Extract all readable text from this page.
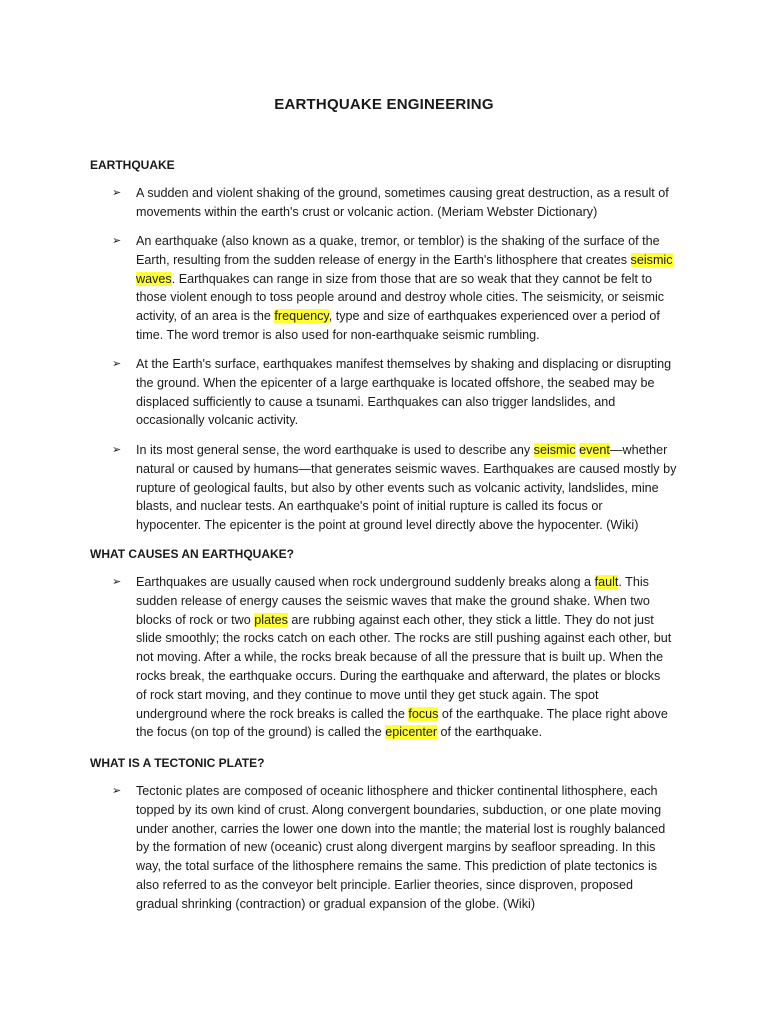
EARTHQUAKE ENGINEERING
EARTHQUAKE
➢ A sudden and violent shaking of the ground, sometimes causing great destruction, as a result of
movements within the earth's crust or volcanic action. (Meriam Webster Dictionary)
➢ An earthquake (also known as a quake, tremor, or temblor) is the shaking of the surface of the
Earth, resulting from the sudden release of energy in the Earth's lithosphere that creates seismic
waves. Earthquakes can range in size from those that are so weak that they cannot be felt to
those violent enough to toss people around and destroy whole cities. The seismicity, or seismic
activity, of an area is the frequency, type and size of earthquakes experienced over a period of
time. The word tremor is also used for non-earthquake seismic rumbling.
➢ At the Earth's surface, earthquakes manifest themselves by shaking and displacing or disrupting
the ground. When the epicenter of a large earthquake is located offshore, the seabed may be
displaced sufficiently to cause a tsunami. Earthquakes can also trigger landslides, and
occasionally volcanic activity.
➢ In its most general sense, the word earthquake is used to describe any seismic event—whether
natural or caused by humans—that generates seismic waves. Earthquakes are caused mostly by
rupture of geological faults, but also by other events such as volcanic activity, landslides, mine
blasts, and nuclear tests. An earthquake's point of initial rupture is called its focus or
hypocenter. The epicenter is the point at ground level directly above the hypocenter. (Wiki)
WHAT CAUSES AN EARTHQUAKE?
➢ Earthquakes are usually caused when rock underground suddenly breaks along a fault. This
sudden release of energy causes the seismic waves that make the ground shake. When two
blocks of rock or two plates are rubbing against each other, they stick a little. They do not just
slide smoothly; the rocks catch on each other. The rocks are still pushing against each other, but
not moving. After a while, the rocks break because of all the pressure that is built up. When the
rocks break, the earthquake occurs. During the earthquake and afterward, the plates or blocks
of rock start moving, and they continue to move until they get stuck again. The spot
underground where the rock breaks is called the focus of the earthquake. The place right above
the focus (on top of the ground) is called the epicenter of the earthquake.
WHAT IS A TECTONIC PLATE?
➢ Tectonic plates are composed of oceanic lithosphere and thicker continental lithosphere, each
topped by its own kind of crust. Along convergent boundaries, subduction, or one plate moving
under another, carries the lower one down into the mantle; the material lost is roughly balanced
by the formation of new (oceanic) crust along divergent margins by seafloor spreading. In this
way, the total surface of the lithosphere remains the same. This prediction of plate tectonics is
also referred to as the conveyor belt principle. Earlier theories, since disproven, proposed
gradual shrinking (contraction) or gradual expansion of the globe. (Wiki)
